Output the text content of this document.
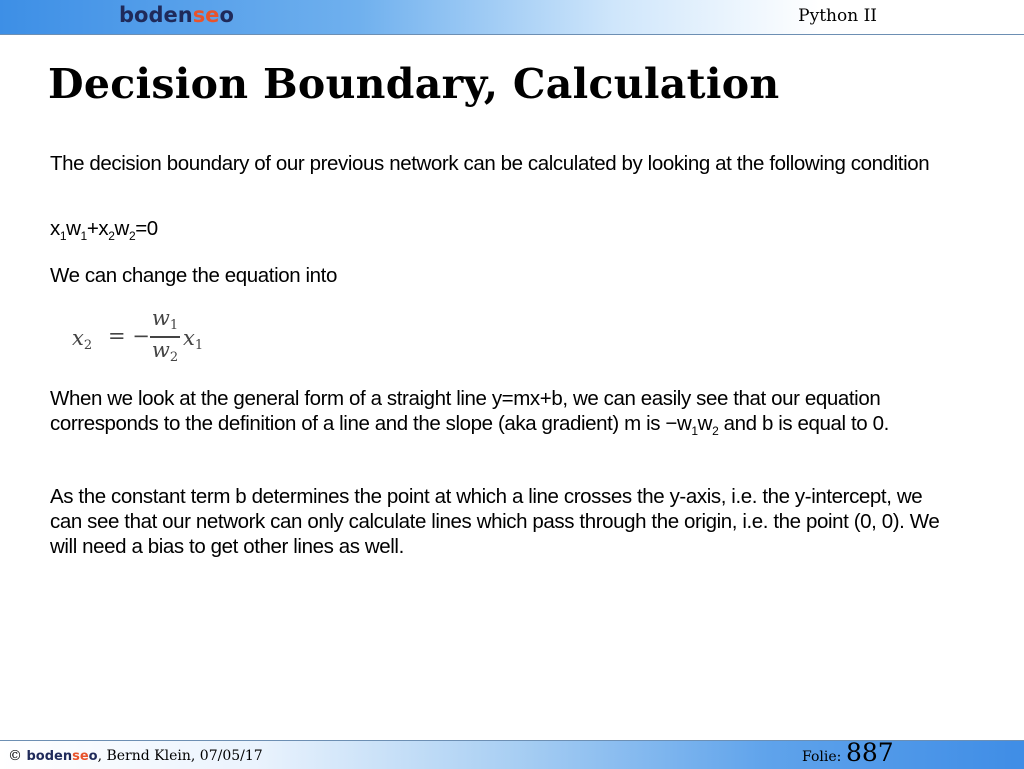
bodenseo	Python II
Decision Boundary, Calculation

The decision boundary of our previous network can be calculated by looking at the following condition

$x_1w_1+x_2w_2=0$

We can change the equation into

$x_2$ = −
$w_1$
$w_2$
$x_1$

When we look at the general form of a straight line y=mx+b, we can easily see that our equation corresponds to the definition of a line and the slope (aka gradient) m is $-w_1w_2$ and b is equal to 0.

As the constant term b determines the point at which a line crosses the y-axis, i.e. the y-intercept, we can see that our network can only calculate lines which pass through the origin, i.e. the point (0, 0). We will need a bias to get other lines as well.

© bodenseo, Bernd Klein, 07/05/17	Folie: 887
